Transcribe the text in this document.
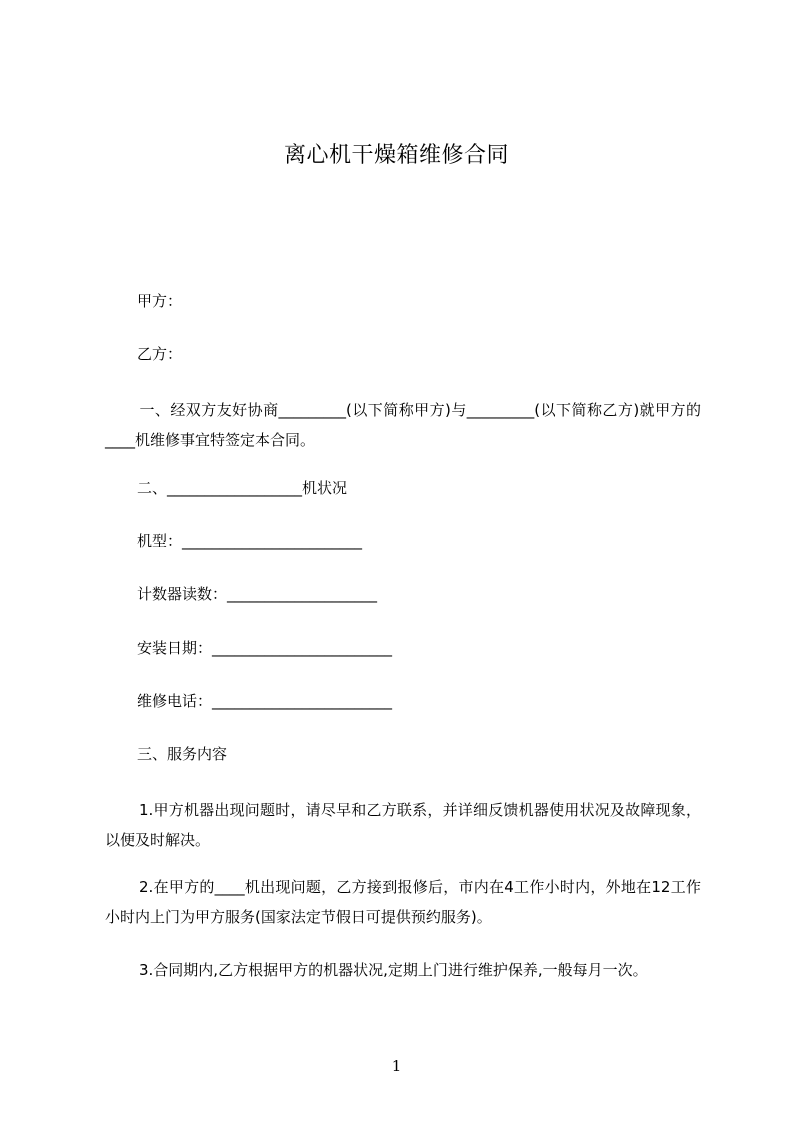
离心机干燥箱维修合同
甲方：
乙方：
一、经双方友好协商_________(以下简称甲方)与_________(以下简称乙方)就甲方的____机维修事宜特签定本合同。
二、__________________机状况
机型：________________________
计数器读数：____________________
安装日期：________________________
维修电话：________________________
三、服务内容
1.甲方机器出现问题时，请尽早和乙方联系，并详细反馈机器使用状况及故障现象，以便及时解决。
2.在甲方的____机出现问题，乙方接到报修后，市内在4工作小时内，外地在12工作小时内上门为甲方服务(国家法定节假日可提供预约服务)。
3.合同期内,乙方根据甲方的机器状况,定期上门进行维护保养,一般每月一次。
1
